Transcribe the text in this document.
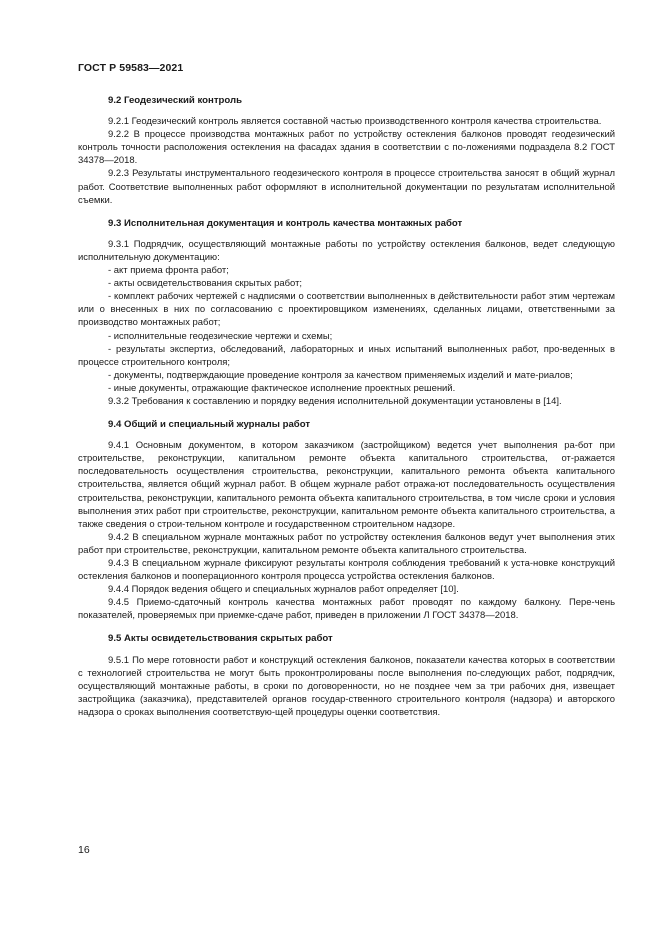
ГОСТ Р 59583—2021
9.2 Геодезический контроль

9.2.1 Геодезический контроль является составной частью производственного контроля качества строительства.

9.2.2 В процессе производства монтажных работ по устройству остекления балконов проводят геодезический контроль точности расположения остекления на фасадах здания в соответствии с по-ложениями подраздела 8.2 ГОСТ 34378—2018.

9.2.3 Результаты инструментального геодезического контроля в процессе строительства заносят в общий журнал работ. Соответствие выполненных работ оформляют в исполнительной документации по результатам исполнительной съемки.

9.3 Исполнительная документация и контроль качества монтажных работ

9.3.1 Подрядчик, осуществляющий монтажные работы по устройству остекления балконов, ведет следующую исполнительную документацию:

- акт приема фронта работ;

- акты освидетельствования скрытых работ;

- комплект рабочих чертежей с надписями о соответствии выполненных в действительности работ этим чертежам или о внесенных в них по согласованию с проектировщиком изменениях, сделанных лицами, ответственными за производство монтажных работ;

- исполнительные геодезические чертежи и схемы;

- результаты экспертиз, обследований, лабораторных и иных испытаний выполненных работ, про-веденных в процессе строительного контроля;

- документы, подтверждающие проведение контроля за качеством применяемых изделий и мате-риалов;

- иные документы, отражающие фактическое исполнение проектных решений.

9.3.2 Требования к составлению и порядку ведения исполнительной документации установлены в [14].

9.4 Общий и специальный журналы работ

9.4.1 Основным документом, в котором заказчиком (застройщиком) ведется учет выполнения ра-бот при строительстве, реконструкции, капитальном ремонте объекта капитального строительства, от-ражается последовательность осуществления строительства, реконструкции, капитального ремонта объекта капитального строительства, является общий журнал работ. В общем журнале работ отража-ют последовательность осуществления строительства, реконструкции, капитального ремонта объекта капитального строительства, в том числе сроки и условия выполнения этих работ при строительстве, реконструкции, капитальном ремонте объекта капитального строительства, а также сведения о строи-тельном контроле и государственном строительном надзоре.

9.4.2 В специальном журнале монтажных работ по устройству остекления балконов ведут учет выполнения этих работ при строительстве, реконструкции, капитальном ремонте объекта капитального строительства.

9.4.3 В специальном журнале фиксируют результаты контроля соблюдения требований к уста-новке конструкций остекления балконов и пооперационного контроля процесса устройства остекления балконов.

9.4.4 Порядок ведения общего и специальных журналов работ определяет [10].

9.4.5 Приемо-сдаточный контроль качества монтажных работ проводят по каждому балкону. Пере-чень показателей, проверяемых при приемке-сдаче работ, приведен в приложении Л ГОСТ 34378—2018.

9.5 Акты освидетельствования скрытых работ

9.5.1 По мере готовности работ и конструкций остекления балконов, показатели качества которых в соответствии с технологией строительства не могут быть проконтролированы после выполнения по-следующих работ, подрядчик, осуществляющий монтажные работы, в сроки по договоренности, но не позднее чем за три рабочих дня, извещает застройщика (заказчика), представителей органов государ-ственного строительного контроля (надзора) и авторского надзора о сроках выполнения соответствую-щей процедуры оценки соответствия.

16
